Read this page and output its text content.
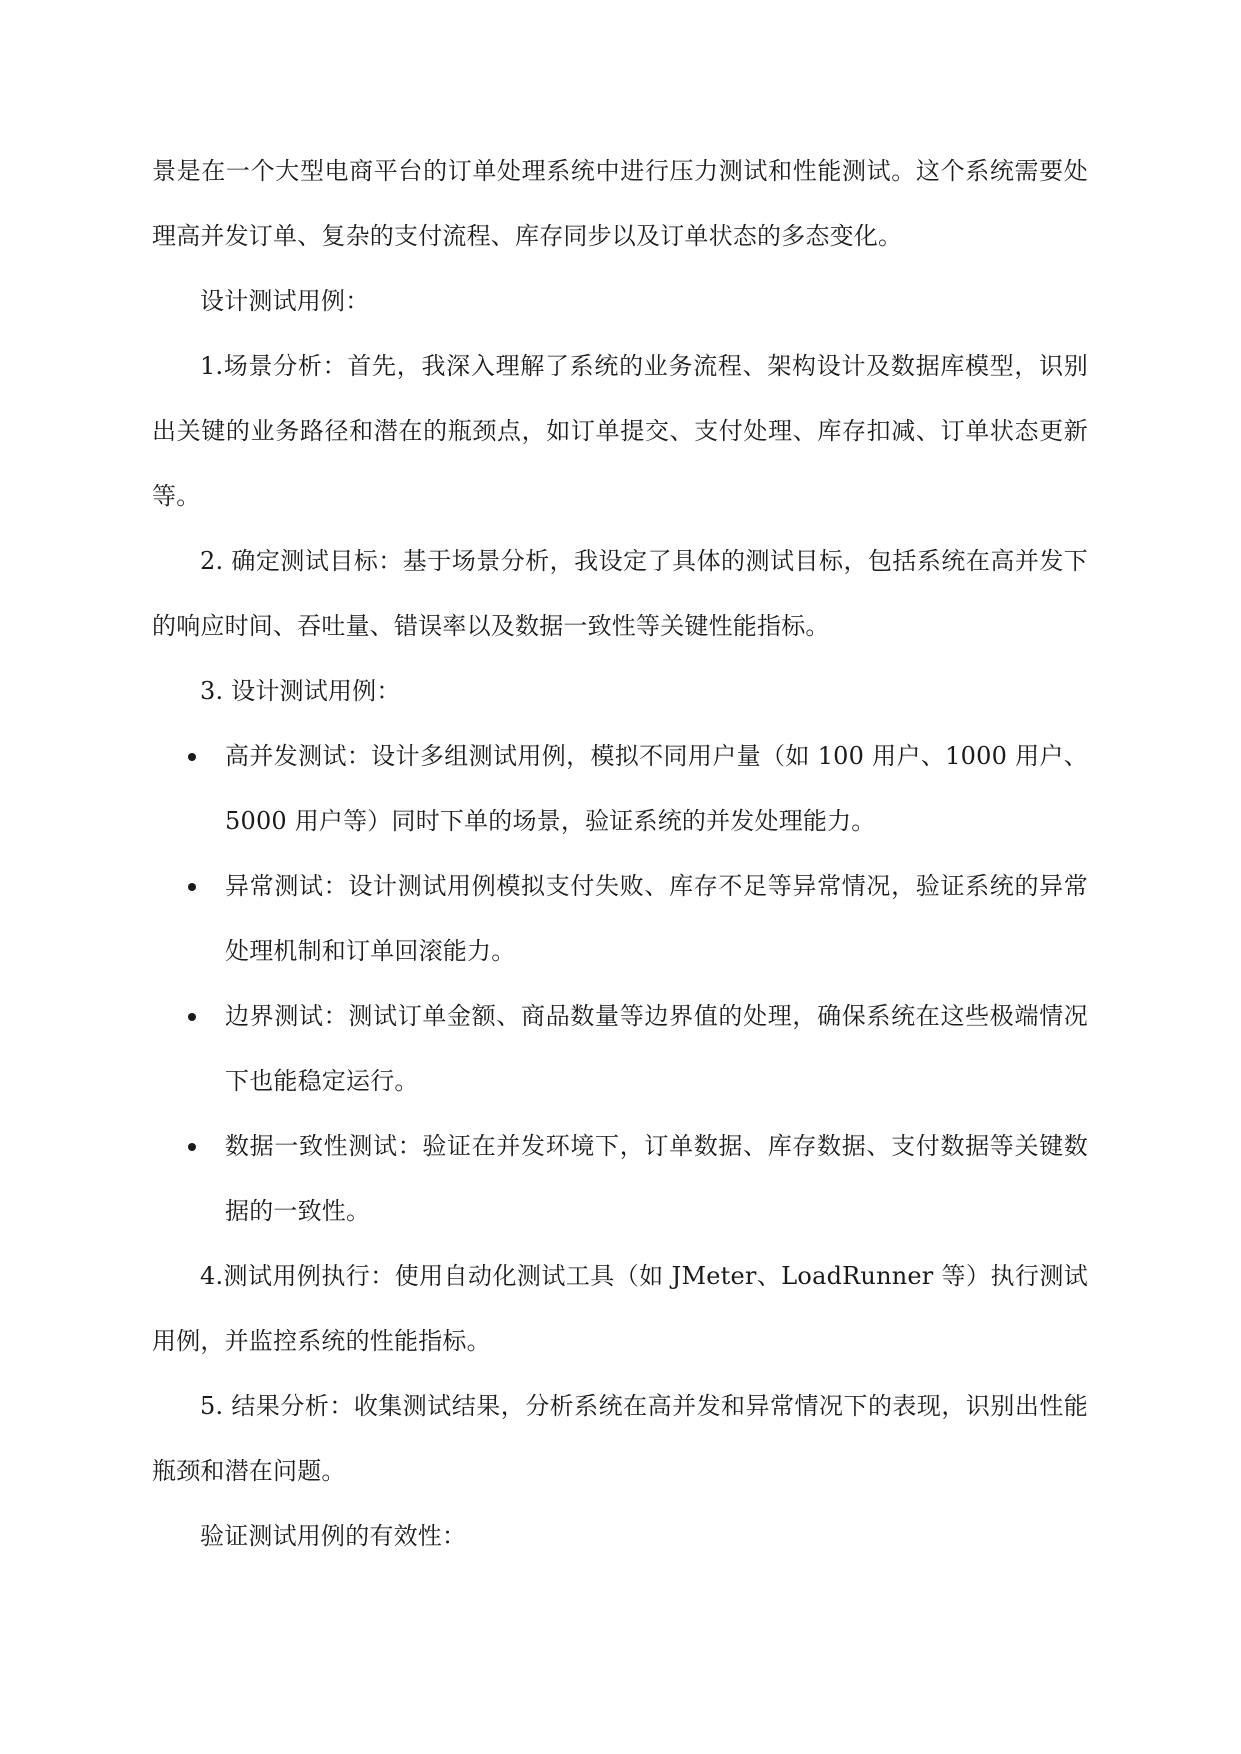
景是在一个大型电商平台的订单处理系统中进行压力测试和性能测试。这个系统需要处理高并发订单、复杂的支付流程、库存同步以及订单状态的多态变化。

设计测试用例：

1.场景分析：首先，我深入理解了系统的业务流程、架构设计及数据库模型，识别出关键的业务路径和潜在的瓶颈点，如订单提交、支付处理、库存扣减、订单状态更新等。

2. 确定测试目标：基于场景分析，我设定了具体的测试目标，包括系统在高并发下的响应时间、吞吐量、错误率以及数据一致性等关键性能指标。

3. 设计测试用例：

高并发测试：设计多组测试用例，模拟不同用户量（如 100 用户、1000 用户、5000 用户等）同时下单的场景，验证系统的并发处理能力。
异常测试：设计测试用例模拟支付失败、库存不足等异常情况，验证系统的异常处理机制和订单回滚能力。
边界测试：测试订单金额、商品数量等边界值的处理，确保系统在这些极端情况下也能稳定运行。
数据一致性测试：验证在并发环境下，订单数据、库存数据、支付数据等关键数据的一致性。

4.测试用例执行：使用自动化测试工具（如 JMeter、LoadRunner 等）执行测试用例，并监控系统的性能指标。

5. 结果分析：收集测试结果，分析系统在高并发和异常情况下的表现，识别出性能瓶颈和潜在问题。

验证测试用例的有效性：
